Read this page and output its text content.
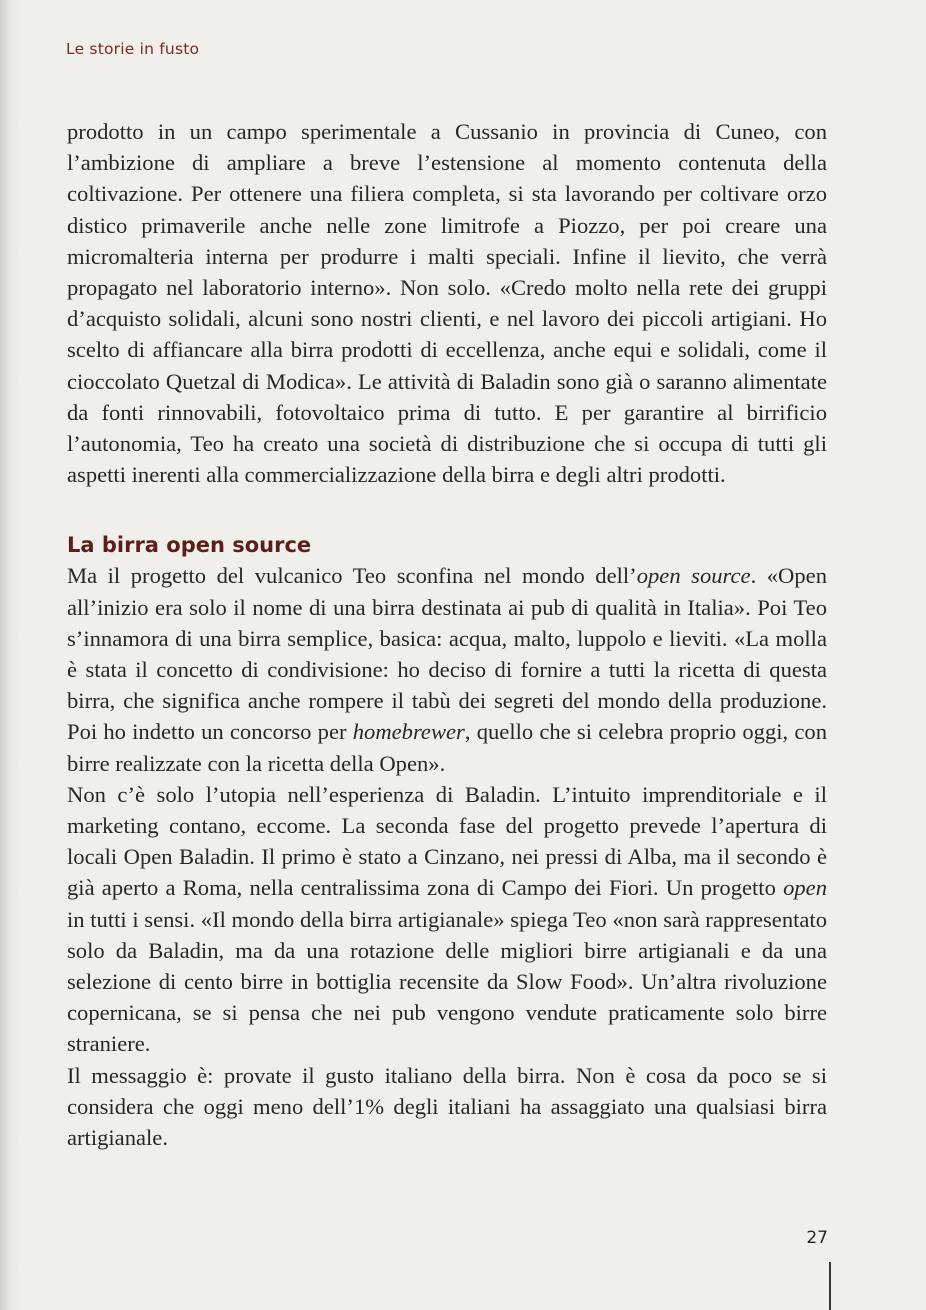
Le storie in fusto

prodotto in un campo sperimentale a Cussanio in provincia di Cuneo, con l’ambizione di ampliare a breve l’estensione al momento contenuta della coltivazione. Per ottenere una filiera completa, si sta lavorando per coltivare orzo distico primaverile anche nelle zone limitrofe a Piozzo, per poi creare una micromalteria interna per produrre i malti speciali. Infine il lievito, che verrà propagato nel laboratorio interno». Non solo. «Credo molto nella rete dei gruppi d’acquisto solidali, alcuni sono nostri clienti, e nel lavoro dei piccoli artigiani. Ho scelto di affiancare alla birra prodotti di eccellenza, anche equi e solidali, come il cioccolato Quetzal di Modica». Le attività di Baladin sono già o saranno alimentate da fonti rinnovabili, fotovoltaico prima di tutto. E per garantire al birrificio l’autonomia, Teo ha creato una società di distribuzione che si occupa di tutti gli aspetti inerenti alla commercializzazione della birra e degli altri prodotti.

La birra open source

Ma il progetto del vulcanico Teo sconfina nel mondo dell’open source. «Open all’inizio era solo il nome di una birra destinata ai pub di qualità in Italia». Poi Teo s’innamora di una birra semplice, basica: acqua, malto, luppolo e lieviti. «La molla è stata il concetto di condivisione: ho deciso di fornire a tutti la ricetta di questa birra, che significa anche rompere il tabù dei segreti del mondo della produzione. Poi ho indetto un concorso per homebrewer, quello che si celebra proprio oggi, con birre realizzate con la ricetta della Open».

Non c’è solo l’utopia nell’esperienza di Baladin. L’intuito imprenditoriale e il marketing contano, eccome. La seconda fase del progetto prevede l’apertura di locali Open Baladin. Il primo è stato a Cinzano, nei pressi di Alba, ma il secondo è già aperto a Roma, nella centralissima zona di Campo dei Fiori. Un progetto open in tutti i sensi. «Il mondo della birra artigianale» spiega Teo «non sarà rappresentato solo da Baladin, ma da una rotazione delle migliori birre artigianali e da una selezione di cento birre in bottiglia recensite da Slow Food». Un’altra rivoluzione copernicana, se si pensa che nei pub vengono vendute praticamente solo birre straniere.

Il messaggio è: provate il gusto italiano della birra. Non è cosa da poco se si considera che oggi meno dell’1% degli italiani ha assaggiato una qualsiasi birra artigianale.

27
